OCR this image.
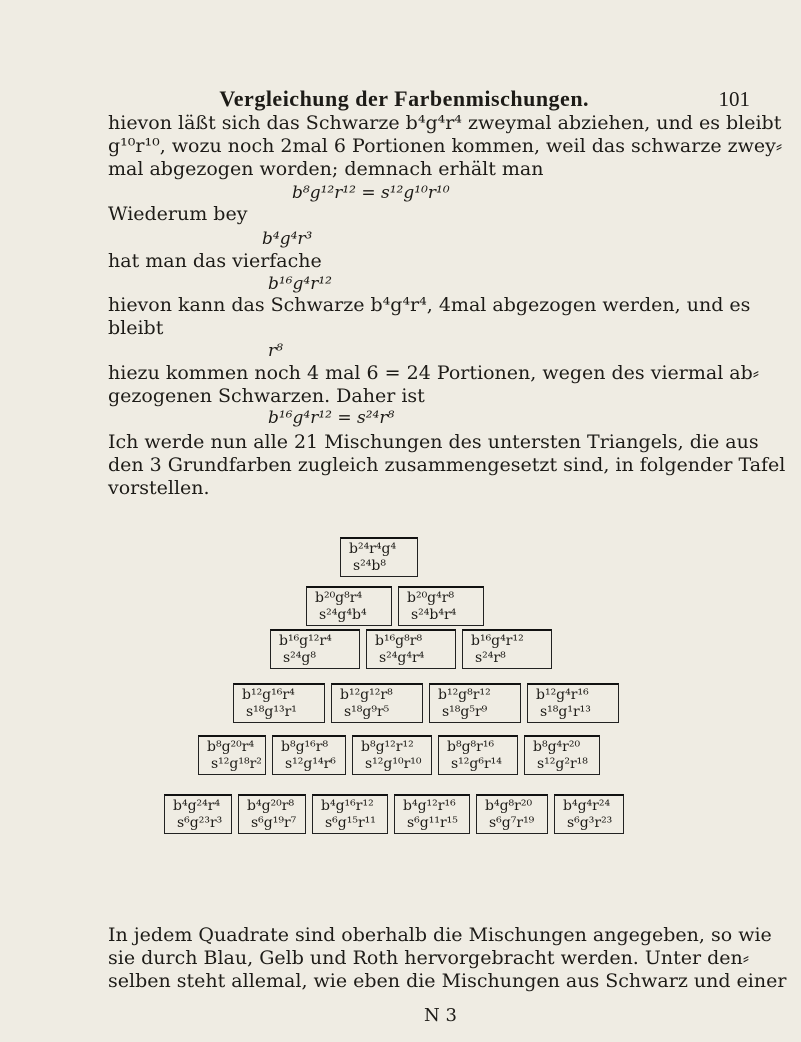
Vergleichung der Farbenmischungen.	101
hievon läßt sich das Schwarze b⁴g⁴r⁴ zweymal abziehen, und es bleibt
g¹⁰r¹⁰, wozu noch 2mal 6 Portionen kommen, weil das schwarze zwey⸗
mal abgezogen worden; demnach erhält man
b⁸g¹²r¹² = s¹²g¹⁰r¹⁰
Wiederum bey
b⁴g⁴r³
hat man das vierfache
b¹⁶g⁴r¹²
hievon kann das Schwarze b⁴g⁴r⁴, 4mal abgezogen werden, und es
bleibt
r⁸
hiezu kommen noch 4 mal 6 = 24 Portionen, wegen des viermal ab⸗
gezogenen Schwarzen. Daher ist
b¹⁶g⁴r¹² = s²⁴r⁸
Ich werde nun alle 21 Mischungen des untersten Triangels, die aus
den 3 Grundfarben zugleich zusammengesetzt sind, in folgender Tafel
vorstellen.
b²⁴r⁴g⁴
s²⁴b⁸
b²⁰g⁸r⁴
s²⁴g⁴b⁴
b²⁰g⁴r⁸
s²⁴b⁴r⁴
b¹⁶g¹²r⁴
s²⁴g⁸
b¹⁶g⁸r⁸
s²⁴g⁴r⁴
b¹⁶g⁴r¹²
s²⁴r⁸
b¹²g¹⁶r⁴
s¹⁸g¹³r¹
b¹²g¹²r⁸
s¹⁸g⁹r⁵
b¹²g⁸r¹²
s¹⁸g⁵r⁹
b¹²g⁴r¹⁶
s¹⁸g¹r¹³
b⁸g²⁰r⁴
s¹²g¹⁸r²
b⁸g¹⁶r⁸
s¹²g¹⁴r⁶
b⁸g¹²r¹²
s¹²g¹⁰r¹⁰
b⁸g⁸r¹⁶
s¹²g⁶r¹⁴
b⁸g⁴r²⁰
s¹²g²r¹⁸
b⁴g²⁴r⁴
s⁶g²³r³
b⁴g²⁰r⁸
s⁶g¹⁹r⁷
b⁴g¹⁶r¹²
s⁶g¹⁵r¹¹
b⁴g¹²r¹⁶
s⁶g¹¹r¹⁵
b⁴g⁸r²⁰
s⁶g⁷r¹⁹
b⁴g⁴r²⁴
s⁶g³r²³
In jedem Quadrate sind oberhalb die Mischungen angegeben, so wie
sie durch Blau, Gelb und Roth hervorgebracht werden. Unter den⸗
selben steht allemal, wie eben die Mischungen aus Schwarz und einer
N 3
